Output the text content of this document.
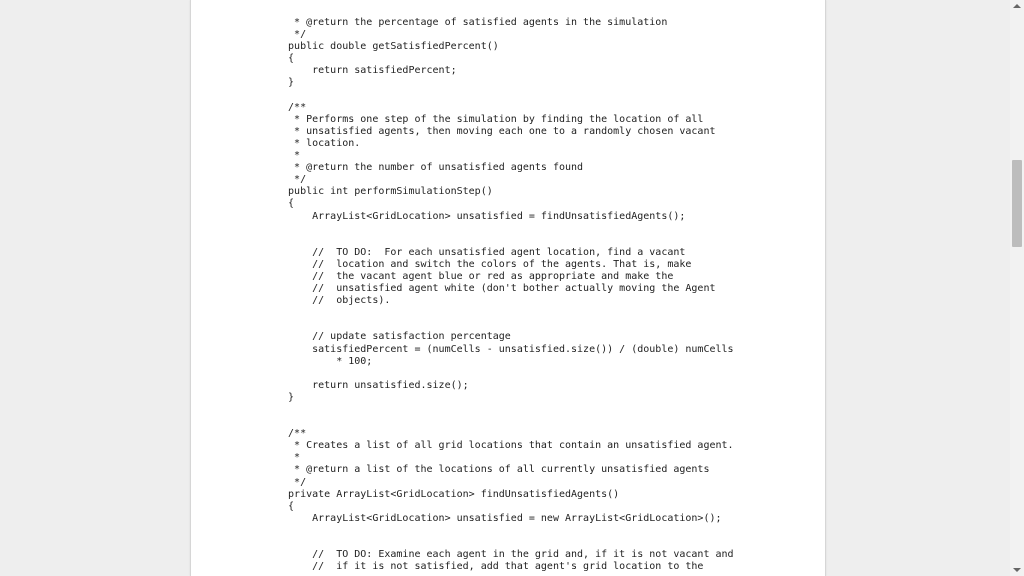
* @return the percentage of satisfied agents in the simulation
*/
public double getSatisfiedPercent()
{
return satisfiedPercent;
}
/**
* Performs one step of the simulation by finding the location of all
* unsatisfied agents, then moving each one to a randomly chosen vacant
* location.
*
* @return the number of unsatisfied agents found
*/
public int performSimulationStep()
{
ArrayList<GridLocation> unsatisfied = findUnsatisfiedAgents();
//  TO DO:  For each unsatisfied agent location, find a vacant
//  location and switch the colors of the agents. That is, make
//  the vacant agent blue or red as appropriate and make the
//  unsatisfied agent white (don't bother actually moving the Agent
//  objects).
// update satisfaction percentage
satisfiedPercent = (numCells - unsatisfied.size()) / (double) numCells
* 100;
return unsatisfied.size();
}
/**
* Creates a list of all grid locations that contain an unsatisfied agent.
*
* @return a list of the locations of all currently unsatisfied agents
*/
private ArrayList<GridLocation> findUnsatisfiedAgents()
{
ArrayList<GridLocation> unsatisfied = new ArrayList<GridLocation>();
//  TO DO: Examine each agent in the grid and, if it is not vacant and
//  if it is not satisfied, add that agent's grid location to the
